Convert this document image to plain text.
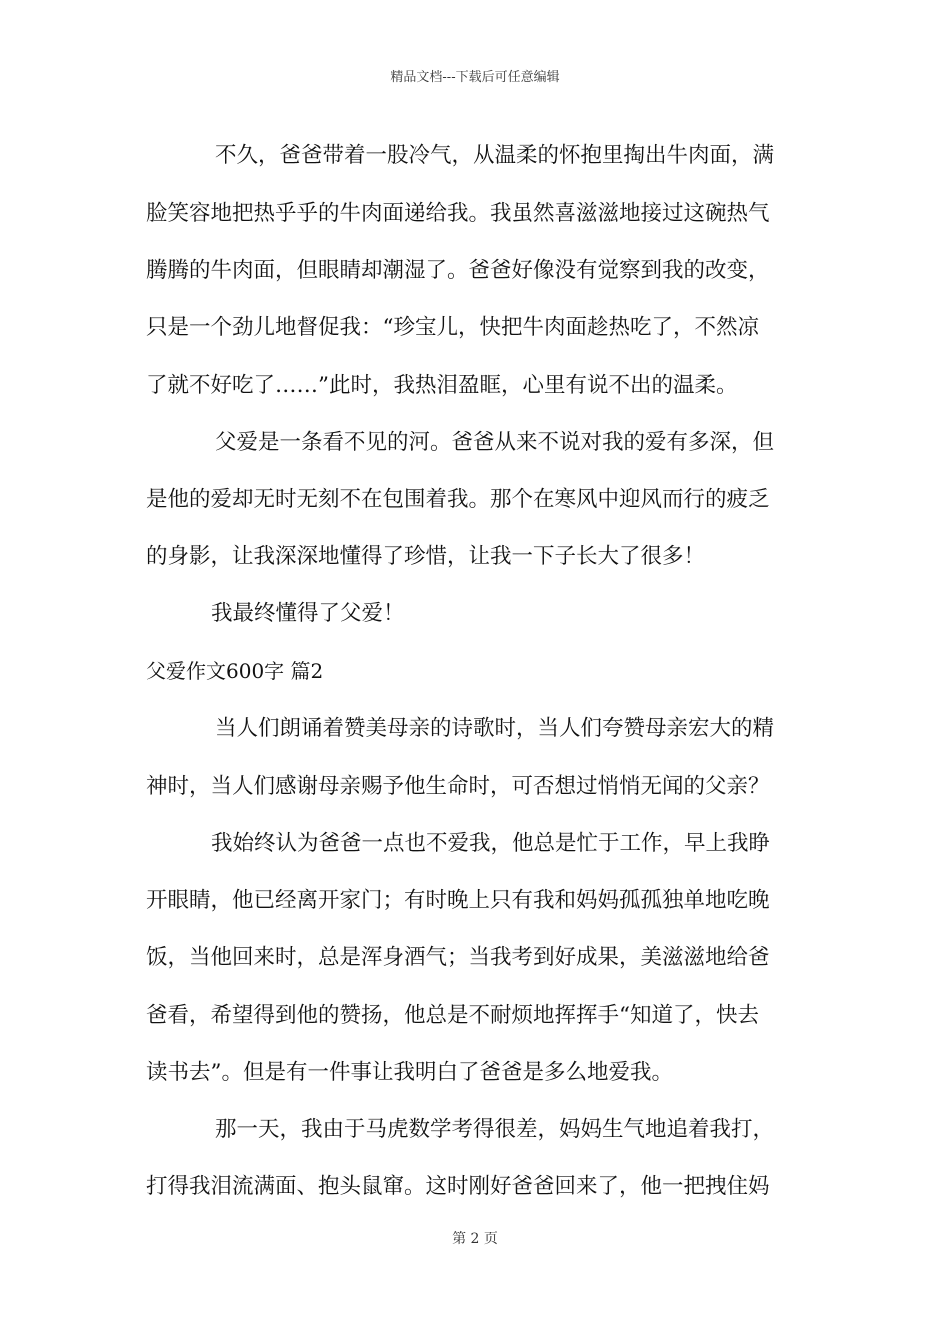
精品文档---下载后可任意编辑
不久，爸爸带着一股冷气，从温柔的怀抱里掏出牛肉面，满
脸笑容地把热乎乎的牛肉面递给我。我虽然喜滋滋地接过这碗热气
腾腾的牛肉面，但眼睛却潮湿了。爸爸好像没有觉察到我的改变，
只是一个劲儿地督促我：“珍宝儿，快把牛肉面趁热吃了，不然凉
了就不好吃了……”此时，我热泪盈眶，心里有说不出的温柔。
父爱是一条看不见的河。爸爸从来不说对我的爱有多深，但
是他的爱却无时无刻不在包围着我。那个在寒风中迎风而行的疲乏
的身影，让我深深地懂得了珍惜，让我一下子长大了很多！
我最终懂得了父爱！
父爱作文600字 篇2
当人们朗诵着赞美母亲的诗歌时，当人们夸赞母亲宏大的精
神时，当人们感谢母亲赐予他生命时，可否想过悄悄无闻的父亲？
我始终认为爸爸一点也不爱我，他总是忙于工作，早上我睁
开眼睛，他已经离开家门；有时晚上只有我和妈妈孤孤独单地吃晚
饭，当他回来时，总是浑身酒气；当我考到好成果，美滋滋地给爸
爸看，希望得到他的赞扬，他总是不耐烦地挥挥手“知道了，快去
读书去”。但是有一件事让我明白了爸爸是多么地爱我。
那一天，我由于马虎数学考得很差，妈妈生气地追着我打，
打得我泪流满面、抱头鼠窜。这时刚好爸爸回来了，他一把拽住妈
第 2 页
